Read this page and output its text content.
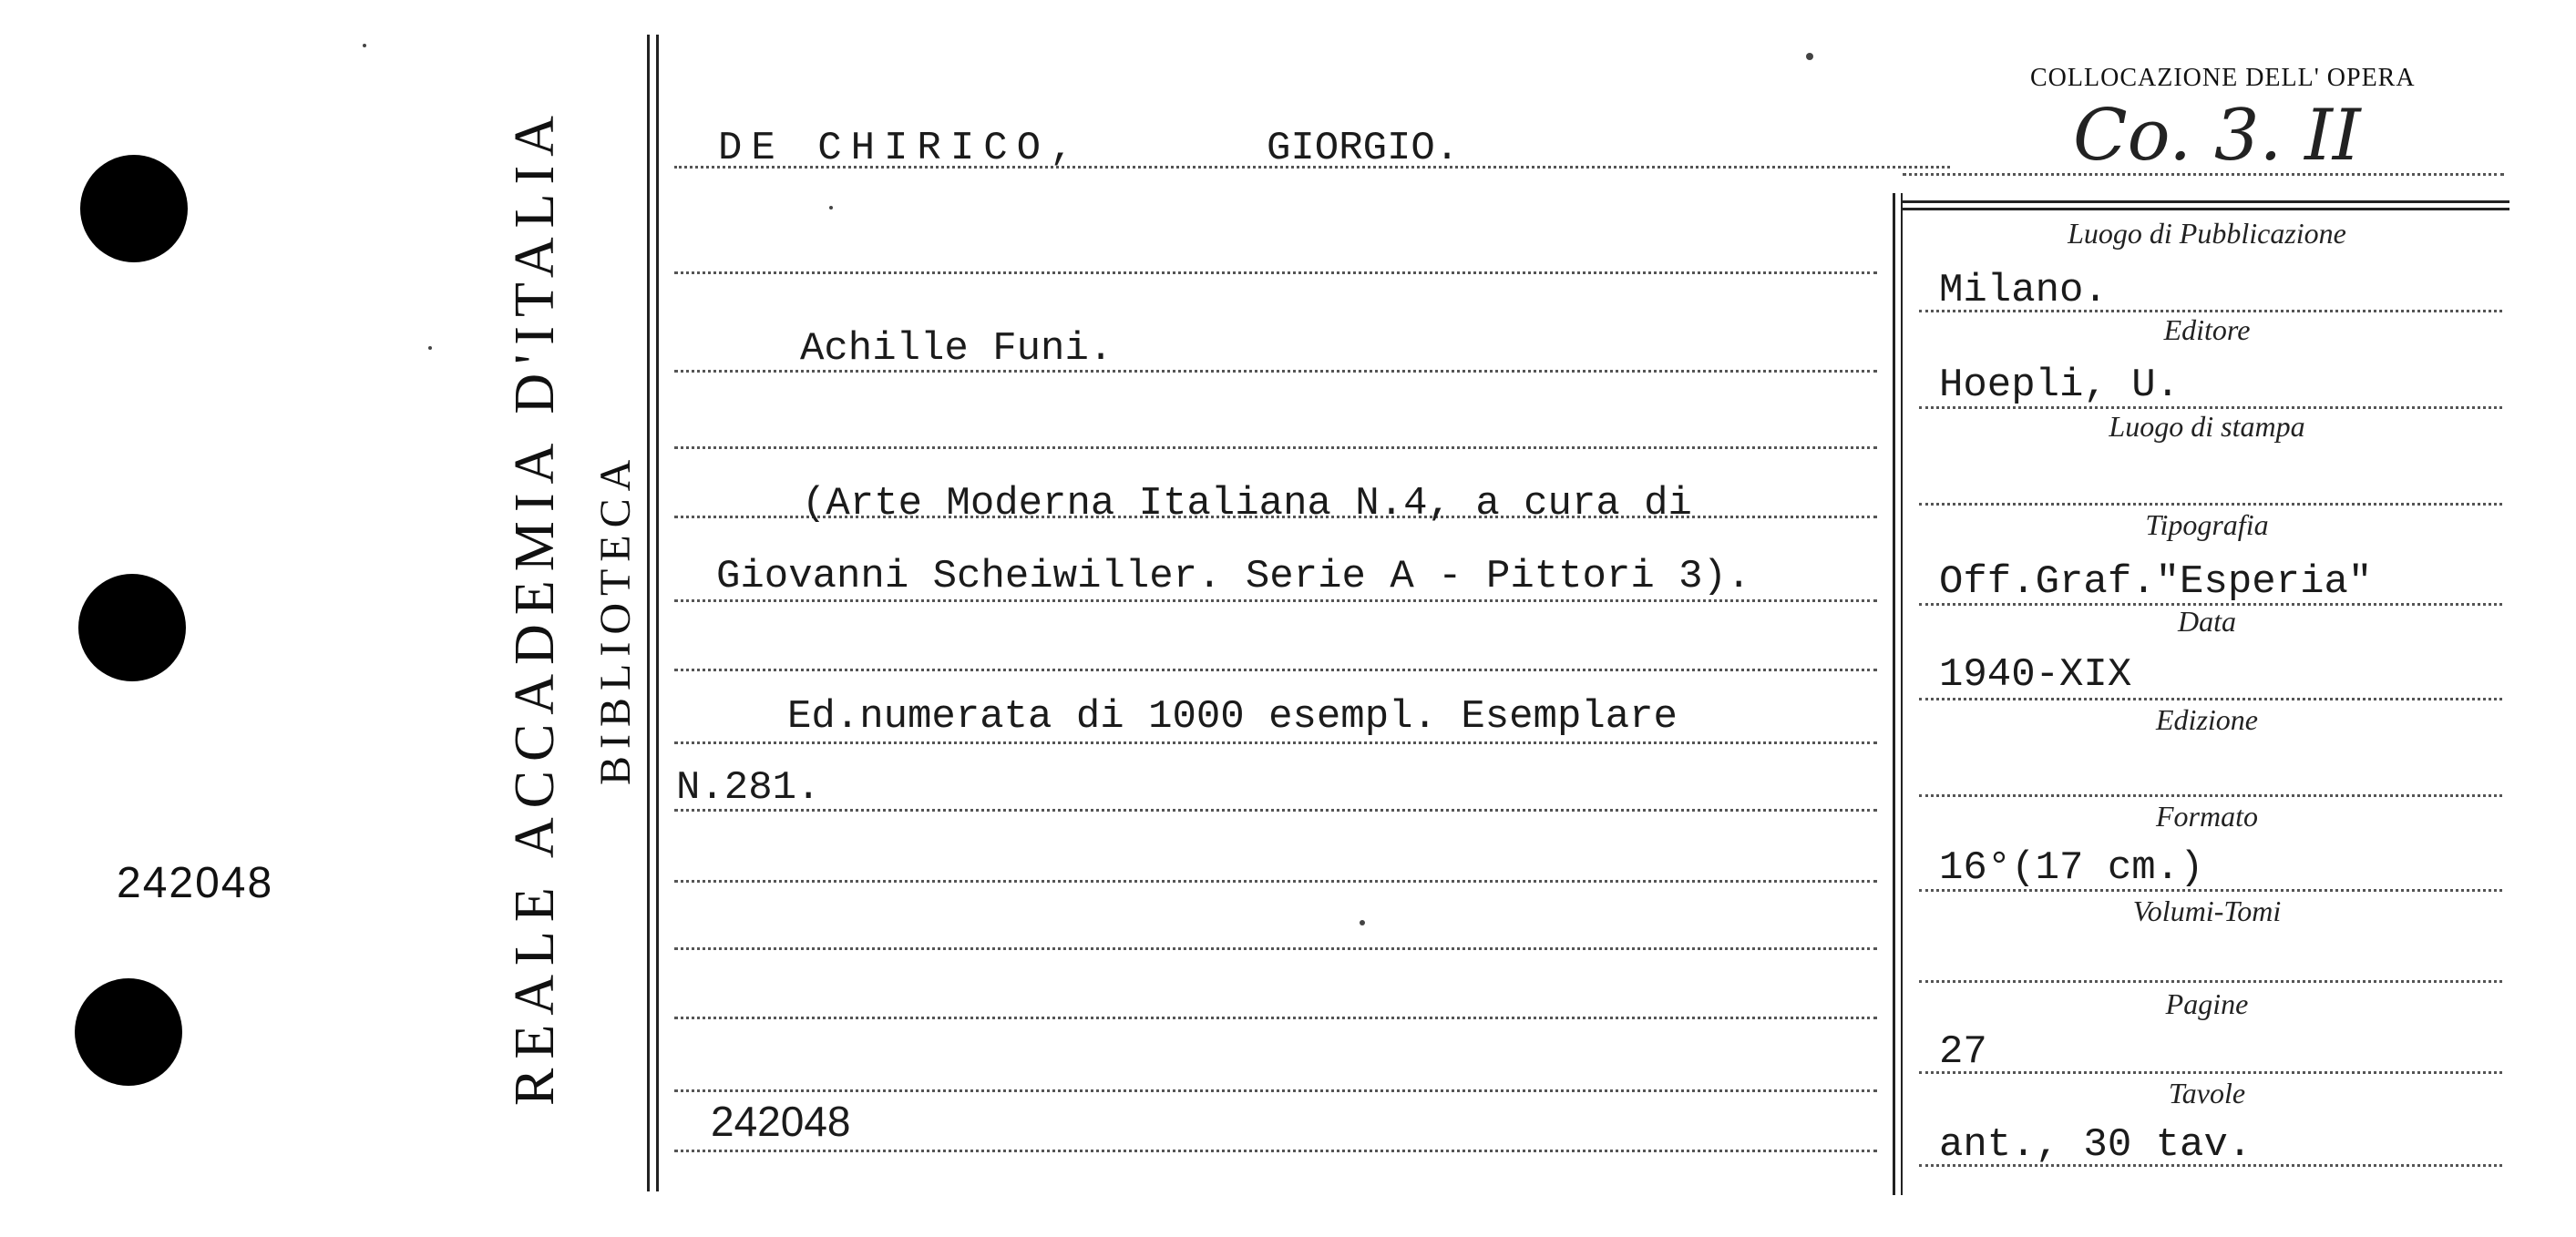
242048	REALE ACCADEMIA D'ITALIA BIBLIOTECA
COLLOCAZIONE DELL' OPERA
Co. 3. II
DE CHIRICO,	GIORGIO.
Achille Funi.
(Arte Moderna Italiana N.4, a cura di
Giovanni Scheiwiller. Serie A - Pittori 3).
Ed.numerata di 1000 esempl. Esemplare
N.281.
242048
Luogo di Pubblicazione
Milano.
Editore
Hoepli, U.
Luogo di stampa
Tipografia
Off.Graf."Esperia"
Data
1940-XIX
Edizione
Formato
16°(17 cm.)
Volumi-Tomi
Pagine
27
Tavole
ant., 30 tav.
